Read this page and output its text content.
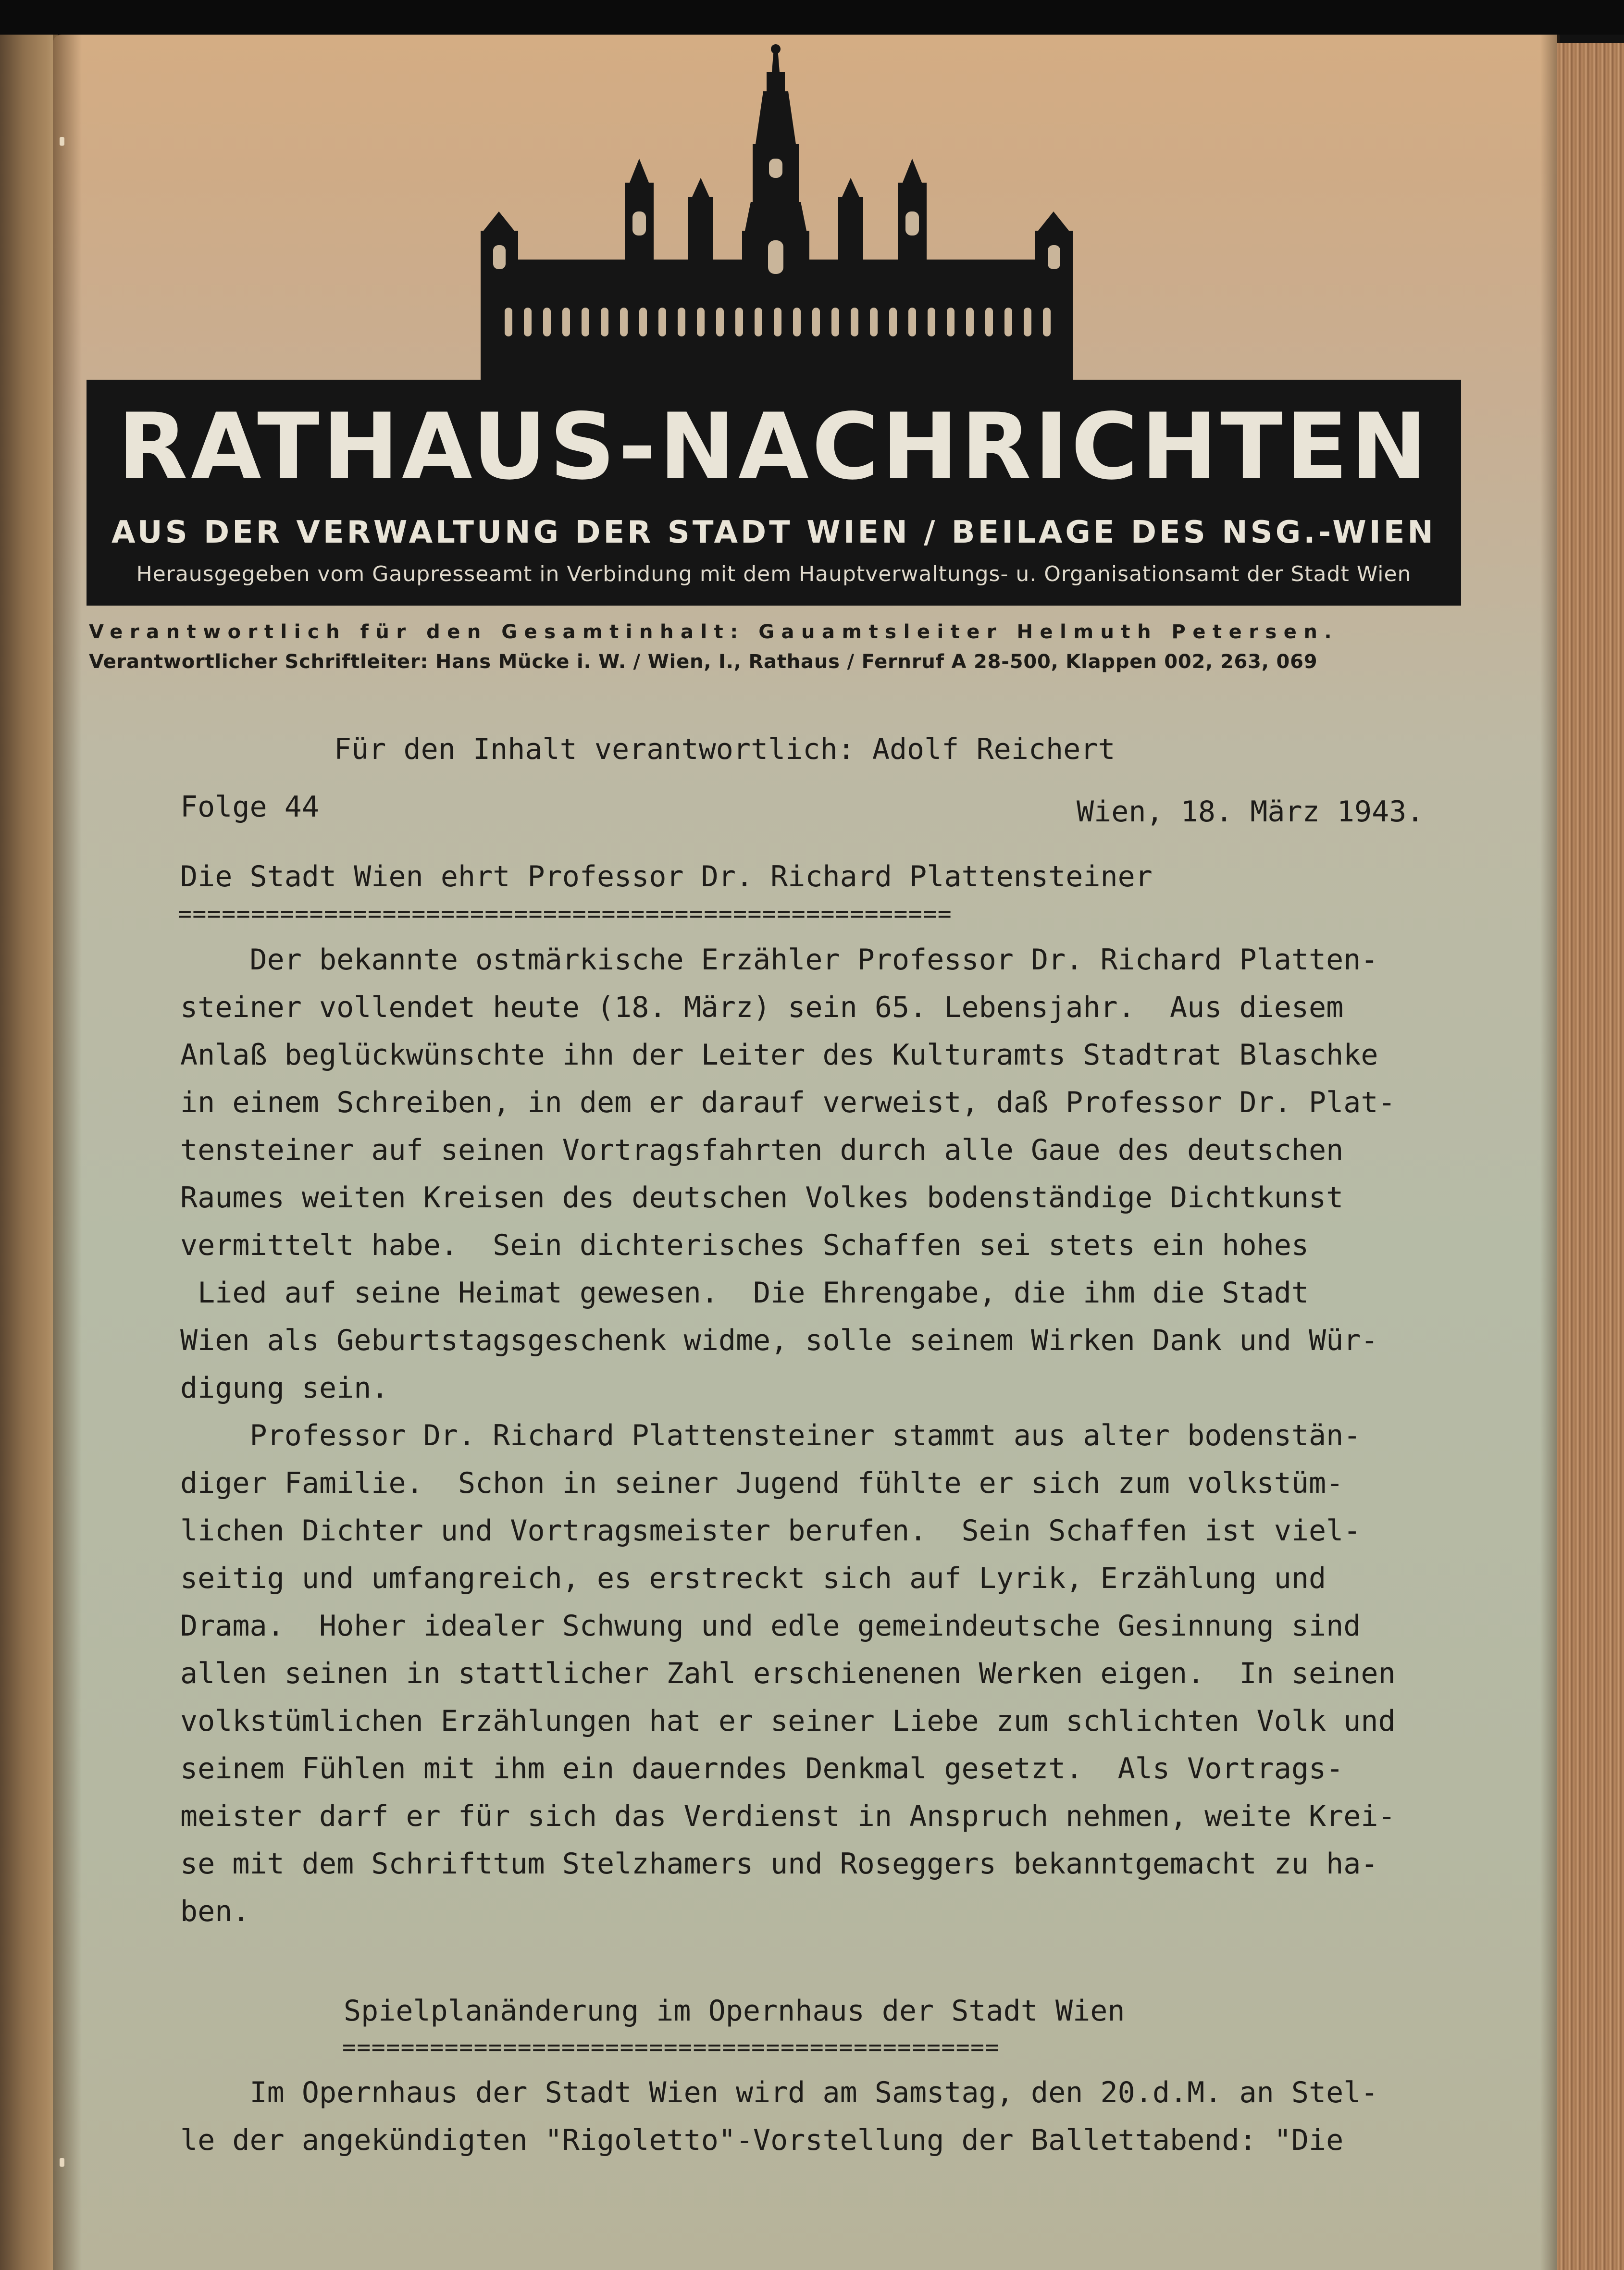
RATHAUS-NACHRICHTEN
AUS DER VERWALTUNG DER STADT WIEN / BEILAGE DES NSG.-WIEN
Herausgegeben vom Gaupresseamt in Verbindung mit dem Hauptverwaltungs- u. Organisationsamt der Stadt Wien
Verantwortlich für den Gesamtinhalt: Gauamtsleiter Helmuth Petersen.
Verantwortlicher Schriftleiter: Hans Mücke i. W. / Wien, I., Rathaus / Fernruf A 28-500, Klappen 002, 263, 069
Für den Inhalt verantwortlich: Adolf Reichert
Folge 44	Wien, 18. März 1943.
Die Stadt Wien ehrt Professor Dr. Richard Plattensteiner
=====================================================
Der bekannte ostmärkische Erzähler Professor Dr. Richard Platten-
steiner vollendet heute (18. März) sein 65. Lebensjahr.  Aus diesem
Anlaß beglückwünschte ihn der Leiter des Kulturamts Stadtrat Blaschke
in einem Schreiben, in dem er darauf verweist, daß Professor Dr. Plat-
tensteiner auf seinen Vortragsfahrten durch alle Gaue des deutschen
Raumes weiten Kreisen des deutschen Volkes bodenständige Dichtkunst
vermittelt habe.  Sein dichterisches Schaffen sei stets ein hohes
Lied auf seine Heimat gewesen.  Die Ehrengabe, die ihm die Stadt
Wien als Geburtstagsgeschenk widme, solle seinem Wirken Dank und Wür-
digung sein.
Professor Dr. Richard Plattensteiner stammt aus alter bodenstän-
diger Familie.  Schon in seiner Jugend fühlte er sich zum volkstüm-
lichen Dichter und Vortragsmeister berufen.  Sein Schaffen ist viel-
seitig und umfangreich, es erstreckt sich auf Lyrik, Erzählung und
Drama.  Hoher idealer Schwung und edle gemeindeutsche Gesinnung sind
allen seinen in stattlicher Zahl erschienenen Werken eigen.  In seinen
volkstümlichen Erzählungen hat er seiner Liebe zum schlichten Volk und
seinem Fühlen mit ihm ein dauerndes Denkmal gesetzt.  Als Vortrags-
meister darf er für sich das Verdienst in Anspruch nehmen, weite Krei-
se mit dem Schrifttum Stelzhamers und Roseggers bekanntgemacht zu ha-
ben.
Spielplanänderung im Opernhaus der Stadt Wien
=============================================
Im Opernhaus der Stadt Wien wird am Samstag, den 20.d.M. an Stel-
le der angekündigten "Rigoletto"-Vorstellung der Ballettabend: "Die
